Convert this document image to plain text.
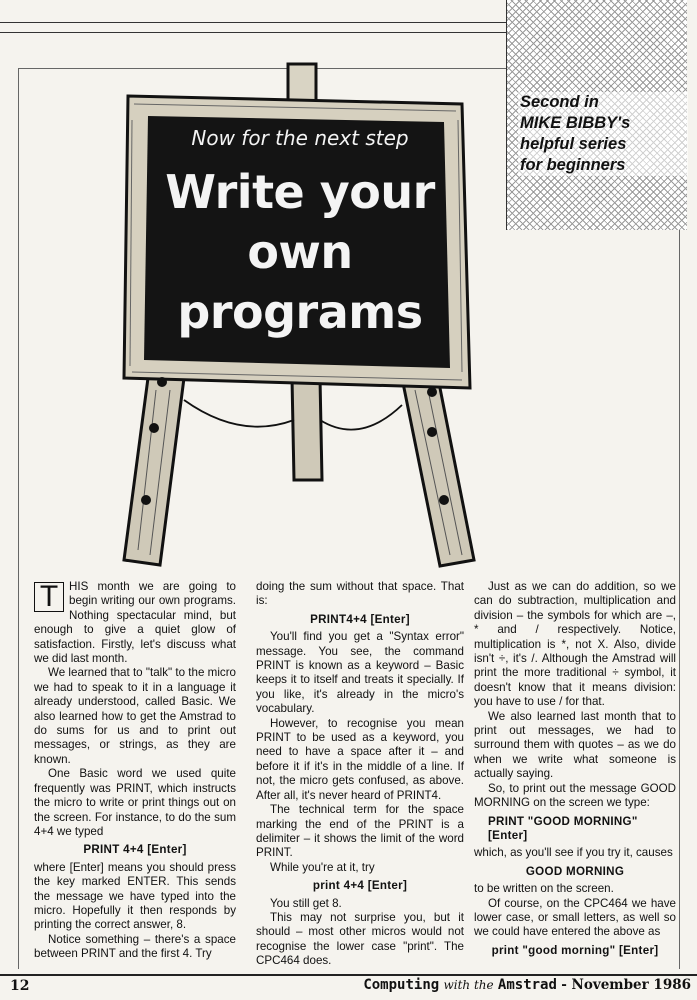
Second in
MIKE BIBBY's
helpful series
for beginners
Now for the next step
Write your
own
programs

T HIS month we are going to begin writing our own programs. Nothing spectacular mind, but enough to give a quiet glow of satisfaction. Firstly, let's discuss what we did last month.

We learned that to "talk" to the micro we had to speak to it in a language it already understood, called Basic. We also learned how to get the Amstrad to do sums for us and to print out messages, or strings, as they are known.

One Basic word we used quite frequently was PRINT, which instructs the micro to write or print things out on the screen. For instance, to do the sum 4+4 we typed

PRINT 4+4 [Enter]

where [Enter] means you should press the key marked ENTER. This sends the message we have typed into the micro. Hopefully it then responds by printing the correct answer, 8.

Notice something – there's a space between PRINT and the first 4. Try

doing the sum without that space. That is:

PRINT4+4 [Enter]

You'll find you get a "Syntax error" message. You see, the command PRINT is known as a keyword – Basic keeps it to itself and treats it specially. If you like, it's already in the micro's vocabulary.

However, to recognise you mean PRINT to be used as a keyword, you need to have a space after it – and before it if it's in the middle of a line. If not, the micro gets confused, as above. After all, it's never heard of PRINT4.

The technical term for the space marking the end of the PRINT is a delimiter – it shows the limit of the word PRINT.

While you're at it, try

print 4+4 [Enter]

You still get 8.

This may not surprise you, but it should – most other micros would not recognise the lower case "print". The CPC464 does.

Just as we can do addition, so we can do subtraction, multiplication and division – the symbols for which are –, * and / respectively. Notice, multiplication is *, not X. Also, divide isn't ÷, it's /. Although the Amstrad will print the more traditional ÷ symbol, it doesn't know that it means division: you have to use / for that.

We also learned last month that to print out messages, we had to surround them with quotes – as we do when we write what someone is actually saying.

So, to print out the message GOOD MORNING on the screen we type:

PRINT "GOOD MORNING"
[Enter]

which, as you'll see if you try it, causes

GOOD MORNING

to be written on the screen.

Of course, on the CPC464 we have lower case, or small letters, as well so we could have entered the above as

print "good morning" [Enter]

12	Computing with the Amstrad - November 1986
